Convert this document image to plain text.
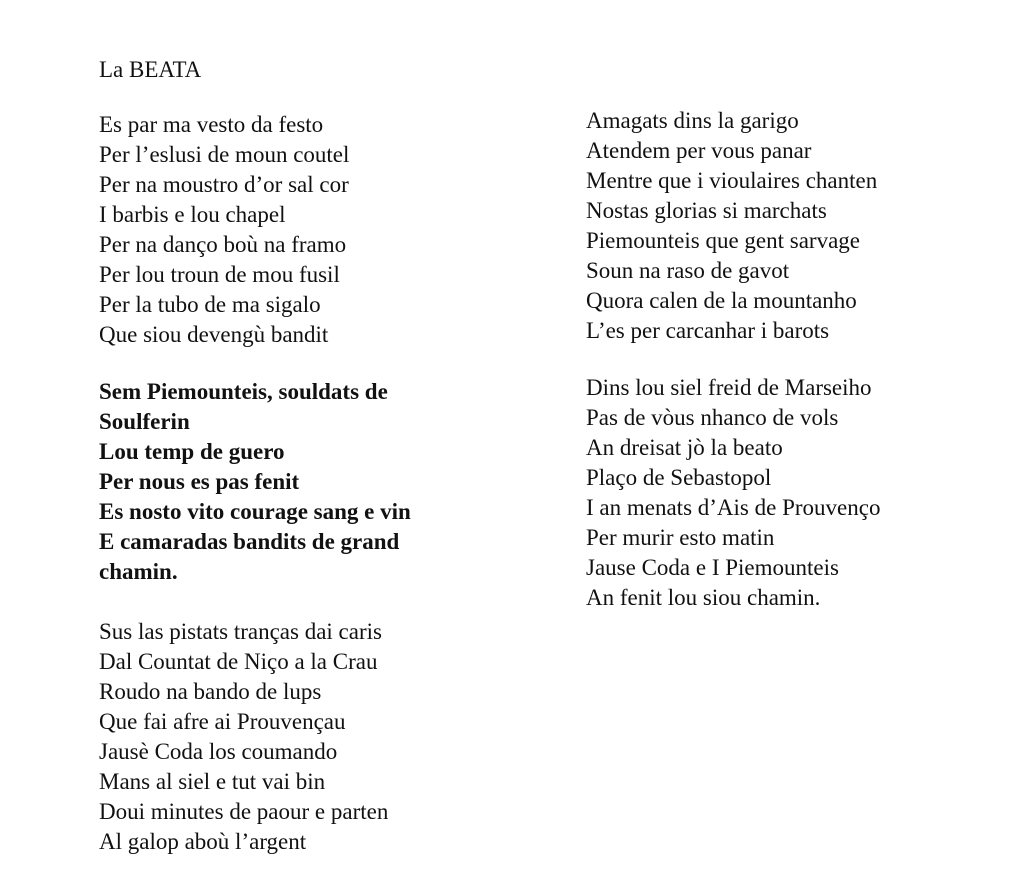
La BEATA
Es par ma vesto da festo
Per l’eslusi de moun coutel
Per na moustro d’or sal cor
I barbis e lou chapel
Per na danço boù na framo
Per lou troun de mou fusil
Per la tubo de ma sigalo
Que siou devengù bandit
Sem Piemounteis, souldats de
Soulferin
Lou temp de guero
Per nous es pas fenit
Es nosto vito courage sang e vin
E camaradas bandits de grand
chamin.
Sus las pistats tranças dai caris
Dal Countat de Niço a la Crau
Roudo na bando de lups
Que fai afre ai Prouvençau
Jausè Coda los coumando
Mans al siel e tut vai bin
Doui minutes de paour e parten
Al galop aboù l’argent
Amagats dins la garigo
Atendem per vous panar
Mentre que i vioulaires chanten
Nostas glorias si marchats
Piemounteis que gent sarvage
Soun na raso de gavot
Quora calen de la mountanho
L’es per carcanhar i barots
Dins lou siel freid de Marseiho
Pas de vòus nhanco de vols
An dreisat jò la beato
Plaço de Sebastopol
I an menats d’Ais de Prouvenço
Per murir esto matin
Jause Coda e I Piemounteis
An fenit lou siou chamin.
